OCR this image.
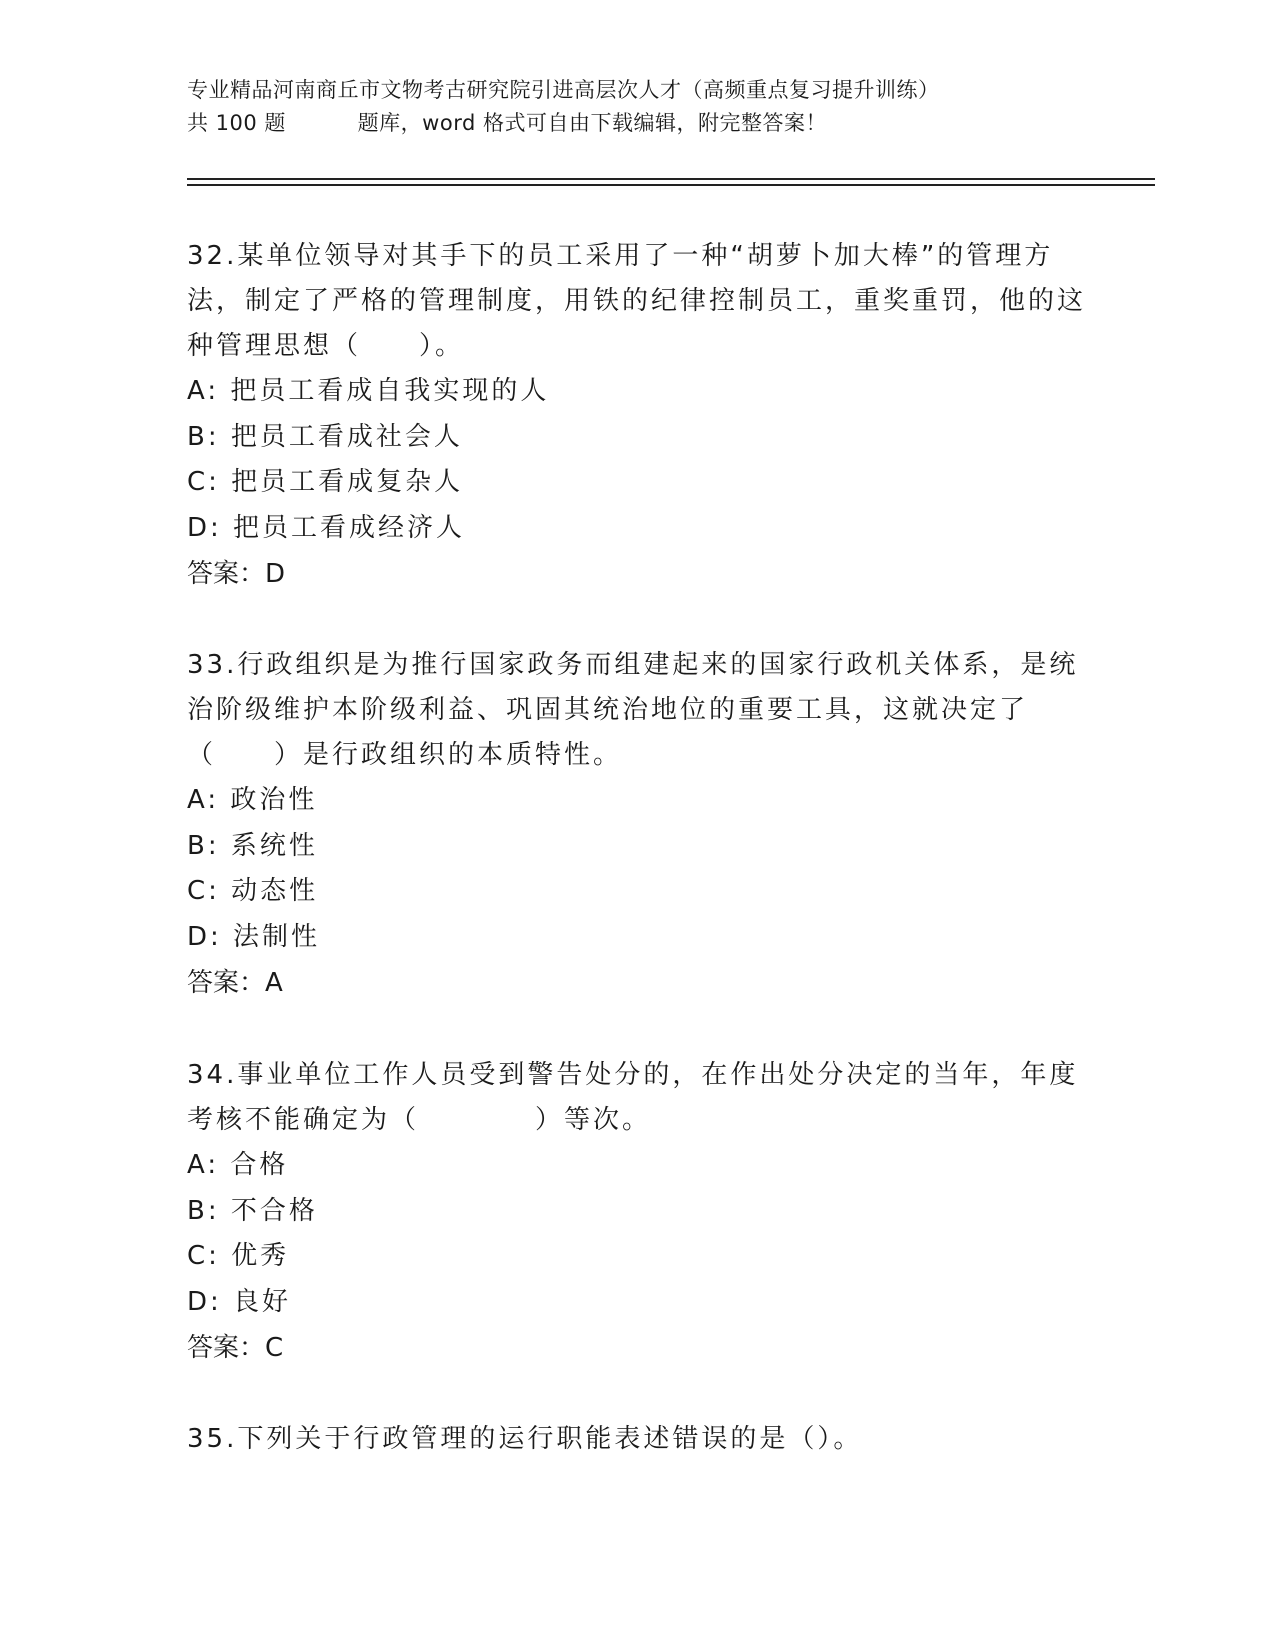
专业精品河南商丘市文物考古研究院引进高层次人才（高频重点复习提升训练）
共 100 题          题库，word 格式可自由下载编辑，附完整答案！

32.某单位领导对其手下的员工采用了一种“胡萝卜加大棒”的管理方法，制定了严格的管理制度，用铁的纪律控制员工，重奖重罚，他的这种管理思想（　　）。

A: 把员工看成自我实现的人

B: 把员工看成社会人

C: 把员工看成复杂人

D: 把员工看成经济人

答案：D

33.行政组织是为推行国家政务而组建起来的国家行政机关体系，是统治阶级维护本阶级利益、巩固其统治地位的重要工具，这就决定了（　　）是行政组织的本质特性。

A: 政治性

B: 系统性

C: 动态性

D: 法制性

答案：A

34.事业单位工作人员受到警告处分的，在作出处分决定的当年，年度考核不能确定为（　　　　）等次。

A: 合格

B: 不合格

C: 优秀

D: 良好

答案：C

35.下列关于行政管理的运行职能表述错误的是（）。
